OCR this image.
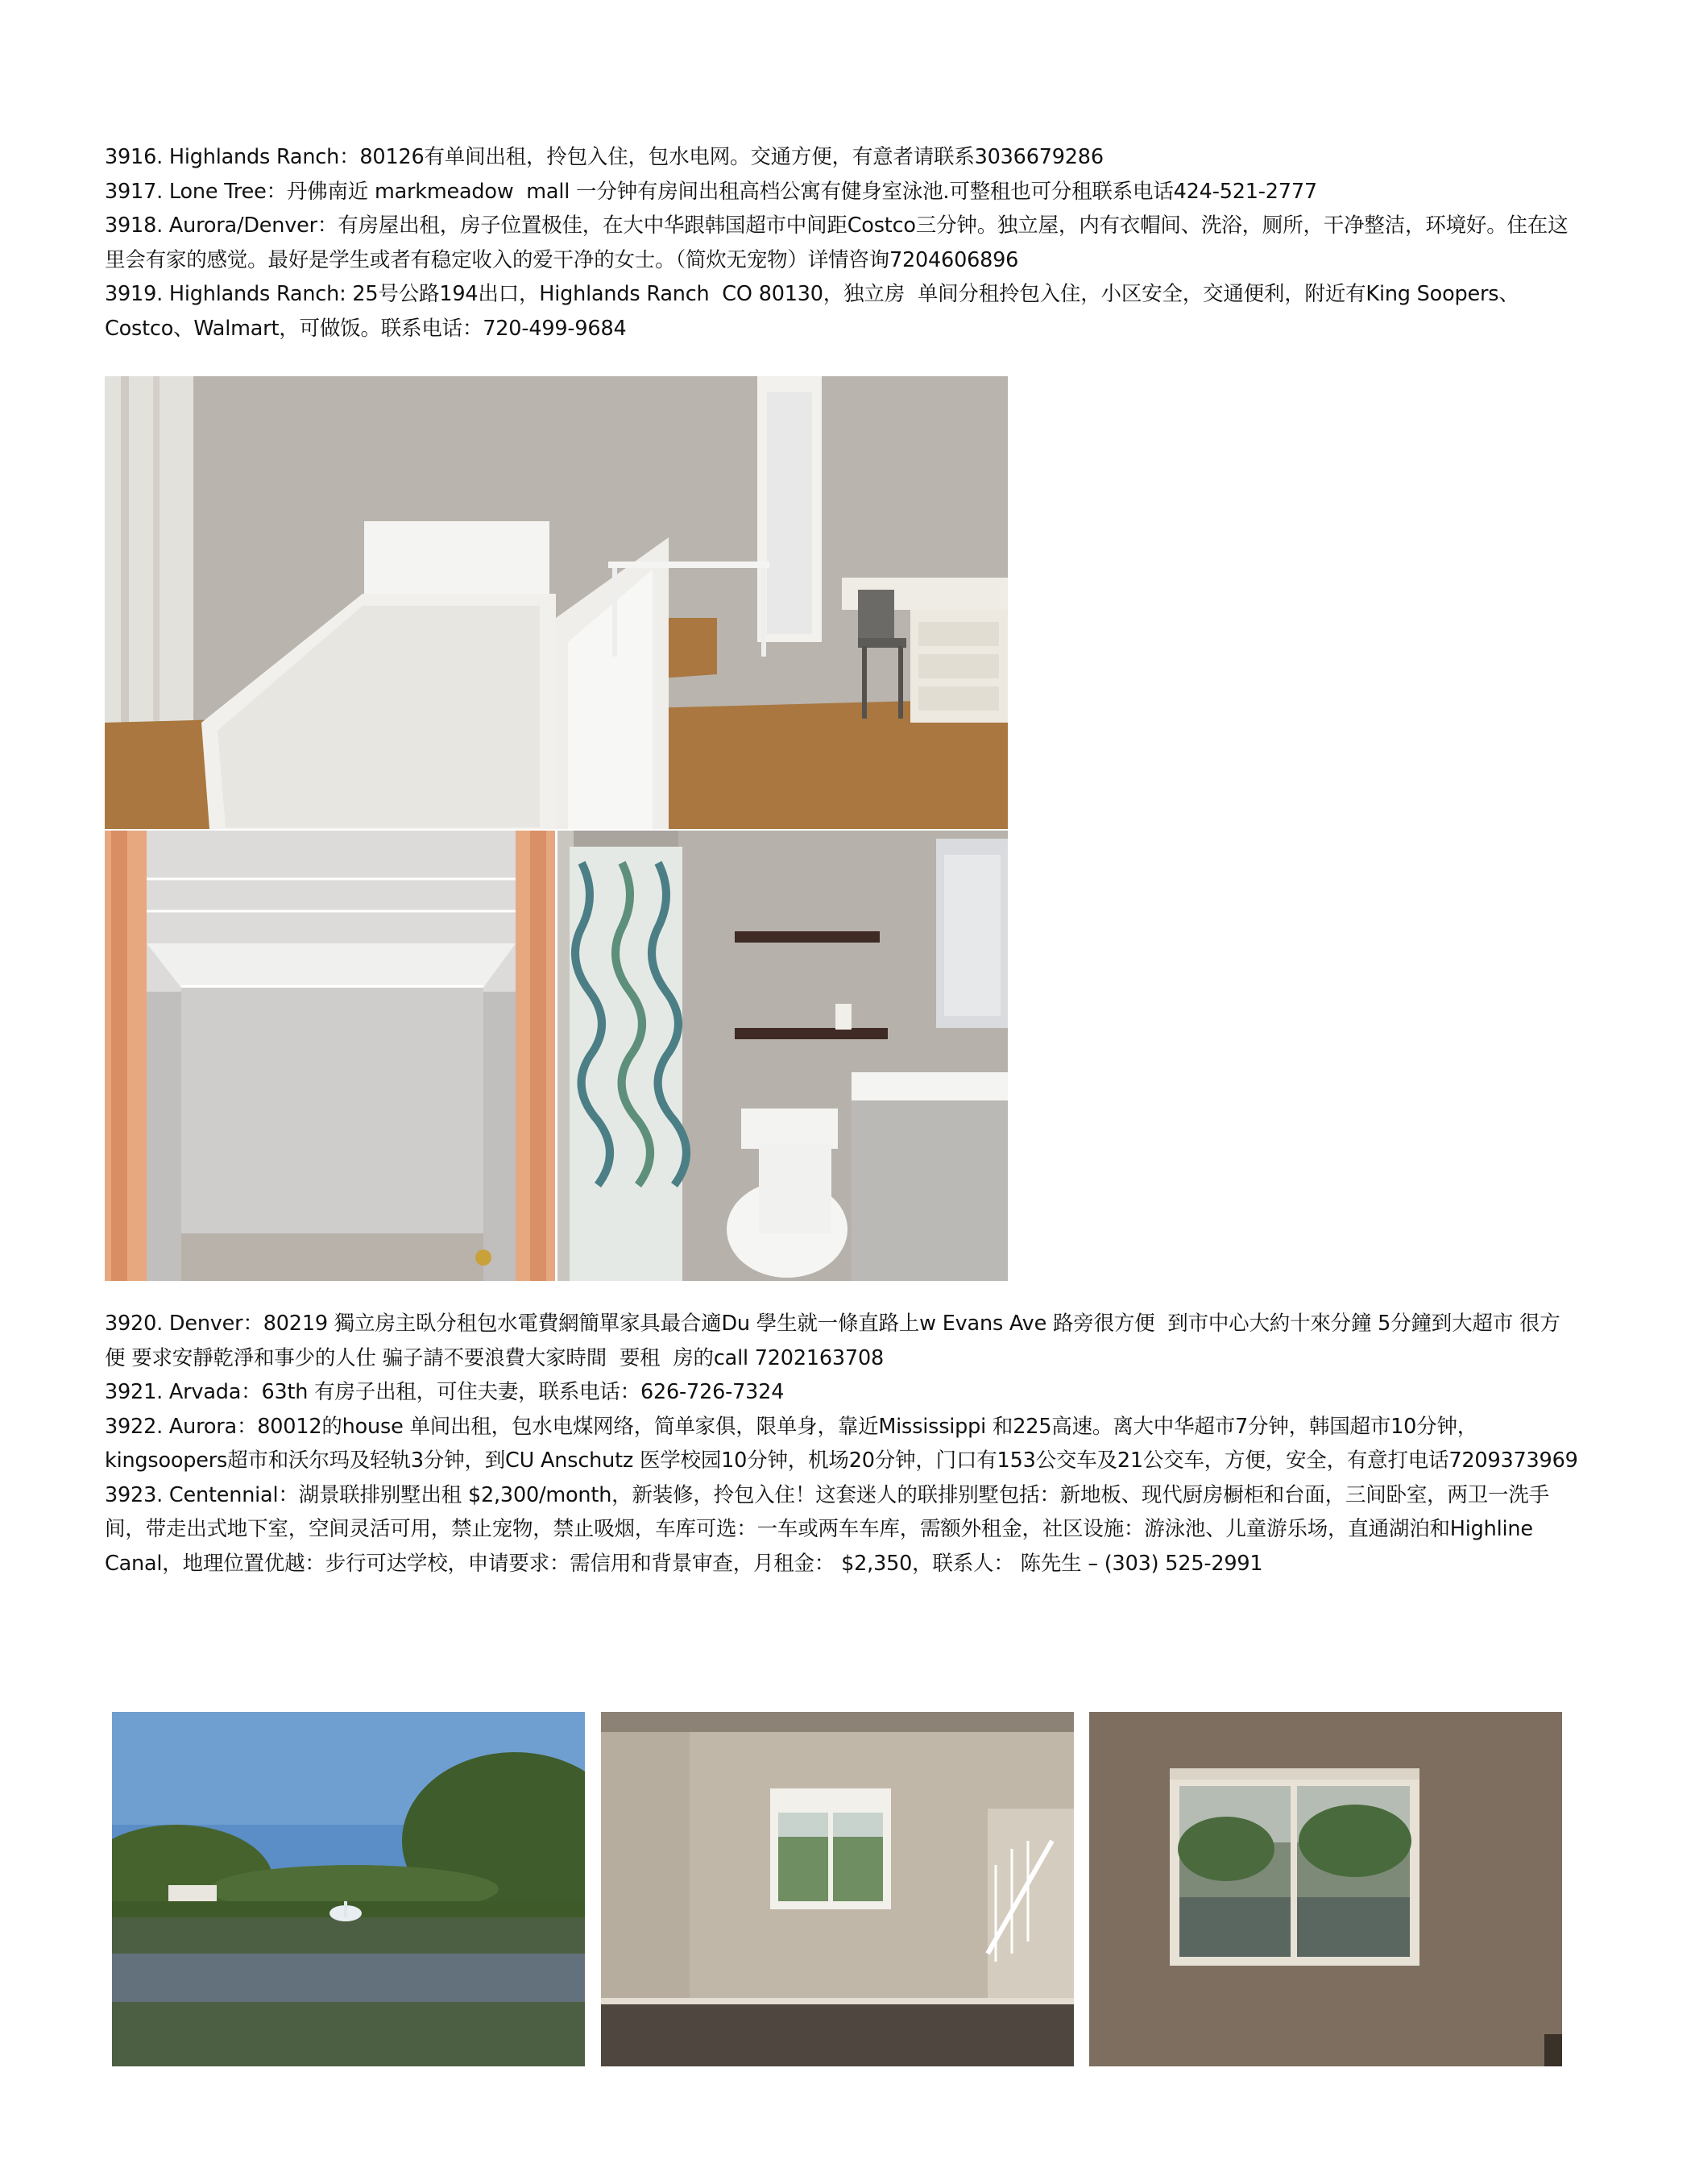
3916. Highlands Ranch：80126有单间出租，拎包入住，包水电网。交通方便，有意者请联系3036679286

3917. Lone Tree：丹佛南近 markmeadow  mall 一分钟有房间出租高档公寓有健身室泳池.可整租也可分租联系电话424-521-2777

3918. Aurora/Denver：有房屋出租，房子位置极佳，在大中华跟韩国超市中间距Costco三分钟。独立屋，内有衣帽间、洗浴，厕所，干净整洁，环境好。住在这里会有家的感觉。最好是学生或者有稳定收入的爱干净的女士。（简炊无宠物）详情咨询7204606896

3919. Highlands Ranch: 25号公路194出口，Highlands Ranch  CO 80130，独立房  单间分租拎包入住，小区安全，交通便利，附近有King Soopers、Costco、Walmart，可做饭。联系电话：720-499-9684

3920. Denver：80219 獨立房主臥分租包水電費網簡單家具最合適Du 學生就一條直路上w Evans Ave 路旁很方便  到市中心大約十來分鐘 5分鐘到大超市 很方便 要求安靜乾淨和事少的人仕 骗子請不要浪費大家時間  要租  房的call 7202163708

3921. Arvada：63th 有房子出租，可住夫妻，联系电话：626-726-7324

3922. Aurora：80012的house 单间出租，包水电煤网络，简单家俱，限单身，靠近Mississippi 和225高速。离大中华超市7分钟，韩国超市10分钟，kingsoopers超市和沃尔玛及轻轨3分钟，到CU Anschutz 医学校园10分钟，机场20分钟，门口有153公交车及21公交车，方便，安全，有意打电话7209373969

3923. Centennial：湖景联排别墅出租 $2,300/month，新装修，拎包入住！这套迷人的联排别墅包括：新地板、现代厨房橱柜和台面，三间卧室，两卫一洗手间，带走出式地下室，空间灵活可用，禁止宠物，禁止吸烟，车库可选：一车或两车车库，需额外租金，社区设施：游泳池、儿童游乐场，直通湖泊和Highline Canal，地理位置优越：步行可达学校，申请要求：需信用和背景审查，月租金： $2,350，联系人： 陈先生 – (303) 525-2991
